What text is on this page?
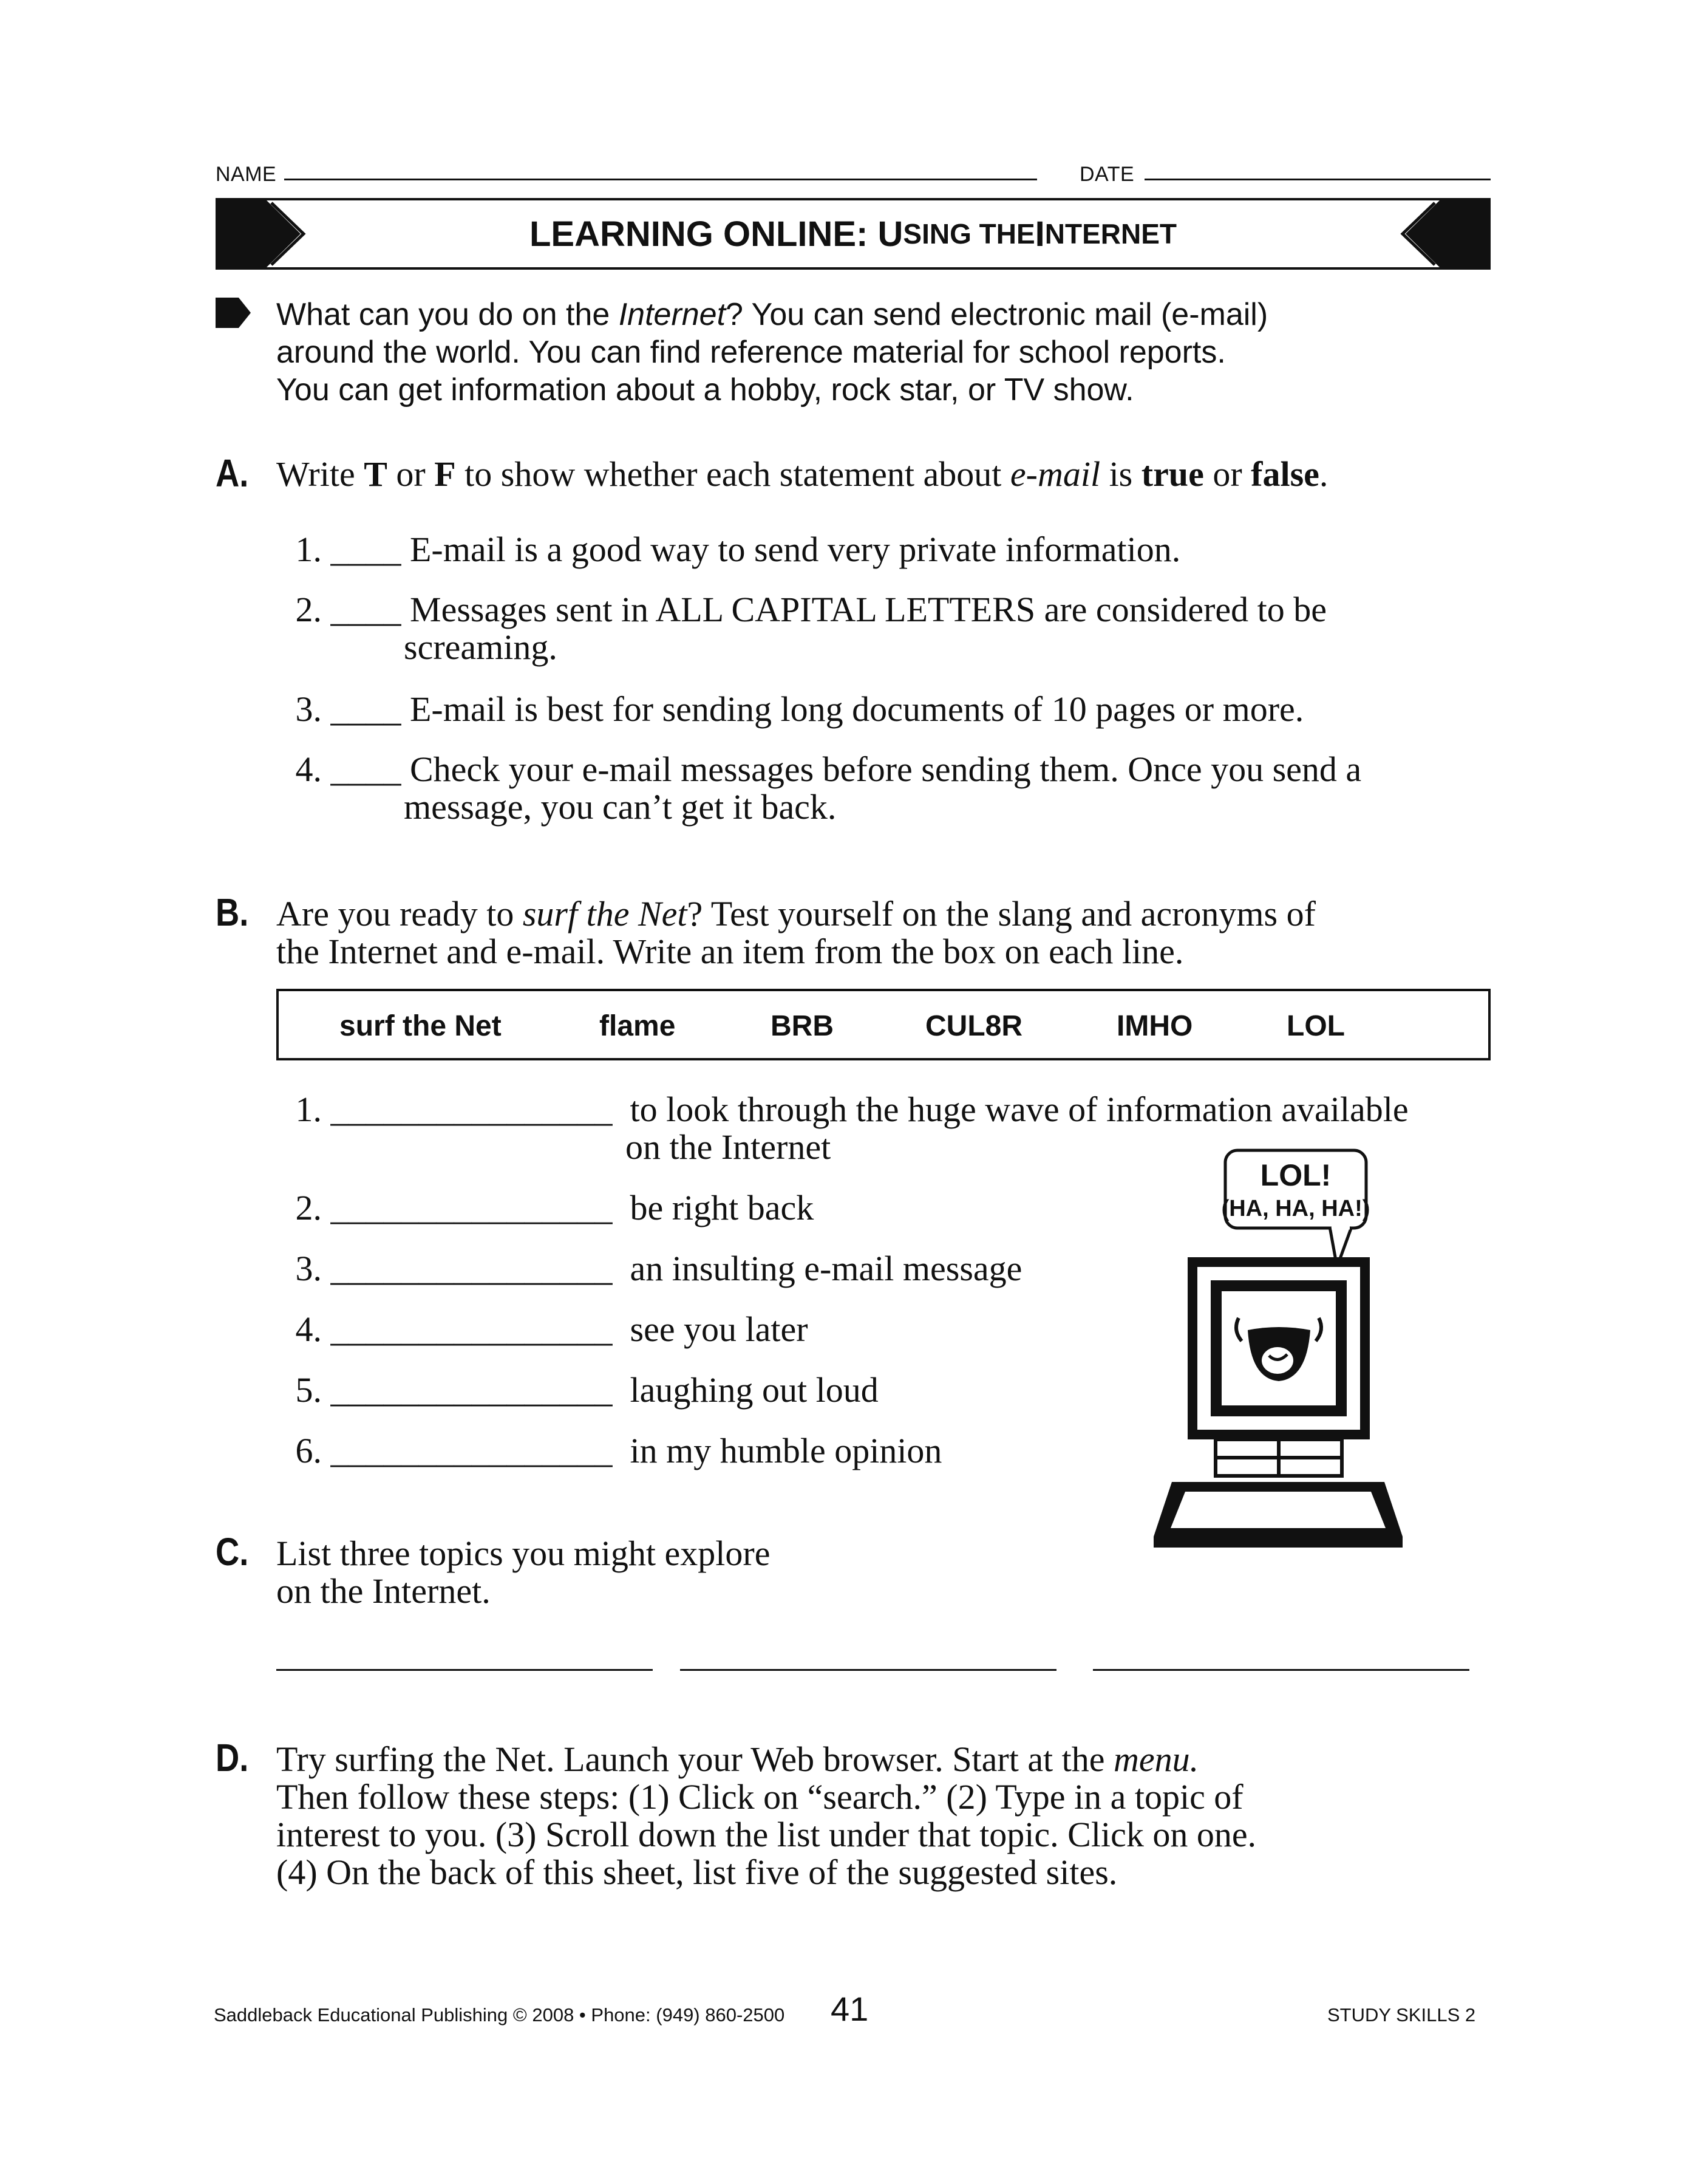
NAME	DATE
LEARNING ONLINE:
U SING THE I NTERNET
What can you do on the Internet? You can send electronic mail (e-mail)
around the world. You can find reference material for school reports.
You can get information about a hobby, rock star, or TV show.
A. Write T or F to show whether each statement about e-mail is true or false.
1. ____ E-mail is a good way to send very private information.
2. ____ Messages sent in ALL CAPITAL LETTERS are considered to be
screaming.
3. ____ E-mail is best for sending long documents of 10 pages or more.
4. ____ Check your e-mail messages before sending them. Once you send a
message, you can’t get it back.
B. Are you ready to surf the Net? Test yourself on the slang and acronyms of
the Internet and e-mail. Write an item from the box on each line.
surf the Net	flame	BRB	CUL8R	IMHO	LOL
1. ________________ to look through the huge wave of information available
on the Internet
2. ________________ be right back
3. ________________ an insulting e-mail message
4. ________________ see you later
5. ________________ laughing out loud
6. ________________ in my humble opinion
LOL!
(HA, HA, HA!)
C. List three topics you might explore
on the Internet.
D. Try surfing the Net. Launch your Web browser. Start at the menu.
Then follow these steps: (1) Click on “search.” (2) Type in a topic of
interest to you. (3) Scroll down the list under that topic. Click on one.
(4) On the back of this sheet, list five of the suggested sites.
Saddleback Educational Publishing © 2008 • Phone: (949) 860-2500 41	STUDY SKILLS 2
